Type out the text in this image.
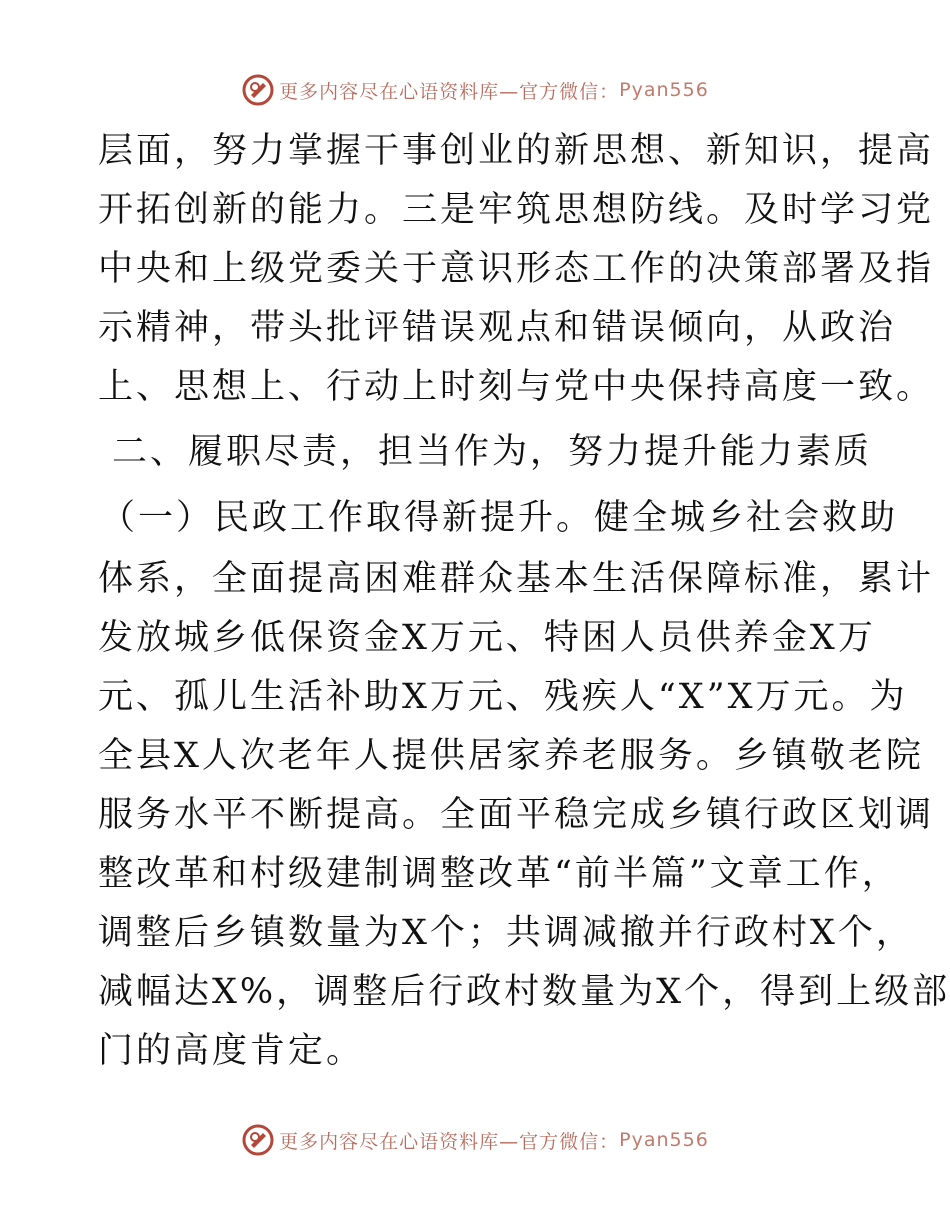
更多内容尽在心语资料库—官方微信： Pyan556
层面，努力掌握干事创业的新思想、新知识，提高
开拓创新的能力。三是牢筑思想防线。及时学习党
中央和上级党委关于意识形态工作的决策部署及指
示精神，带头批评错误观点和错误倾向，从政治
上、思想上、行动上时刻与党中央保持高度一致。
二、履职尽责，担当作为，努力提升能力素质
（一）民政工作取得新提升。健全城乡社会救助
体系，全面提高困难群众基本生活保障标准，累计
发放城乡低保资金X万元、特困人员供养金X万
元、孤儿生活补助X万元、残疾人“X”X万元。为
全县X人次老年人提供居家养老服务。乡镇敬老院
服务水平不断提高。全面平稳完成乡镇行政区划调
整改革和村级建制调整改革“前半篇”文章工作，
调整后乡镇数量为X个；共调减撤并行政村X个，
减幅达X%，调整后行政村数量为X个，得到上级部
门的高度肯定。
更多内容尽在心语资料库—官方微信： Pyan556
